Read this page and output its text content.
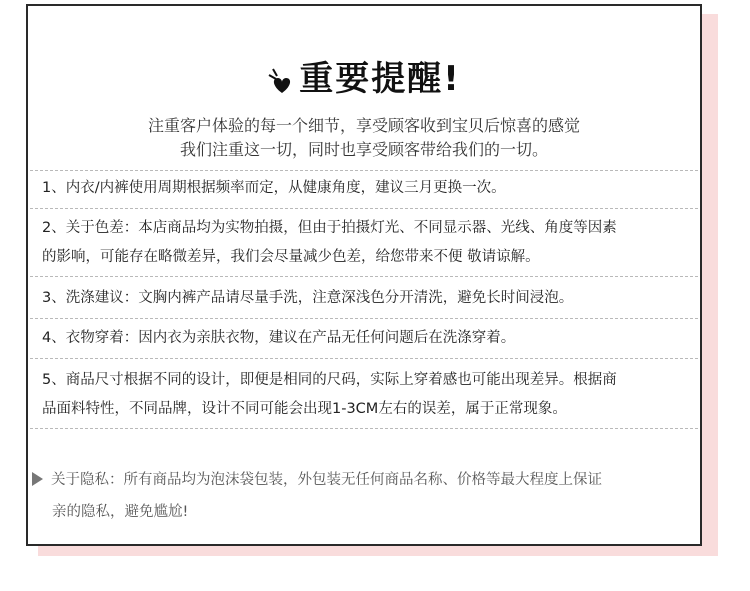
重要提醒!
注重客户体验的每一个细节，享受顾客收到宝贝后惊喜的感觉
我们注重这一切，同时也享受顾客带给我们的一切。
1、内衣/内裤使用周期根据频率而定，从健康角度，建议三月更换一次。
2、关于色差：本店商品均为实物拍摄，但由于拍摄灯光、不同显示器、光线、角度等因素
的影响，可能存在略微差异，我们会尽量减少色差，给您带来不便 敬请谅解。
3、洗涤建议：文胸内裤产品请尽量手洗，注意深浅色分开清洗，避免长时间浸泡。
4、衣物穿着：因内衣为亲肤衣物，建议在产品无任何问题后在洗涤穿着。
5、商品尺寸根据不同的设计，即便是相同的尺码，实际上穿着感也可能出现差异。根据商
品面料特性，不同品牌，设计不同可能会出现1-3CM左右的误差，属于正常现象。
关于隐私：所有商品均为泡沫袋包装，外包装无任何商品名称、价格等最大程度上保证
亲的隐私，避免尴尬!
